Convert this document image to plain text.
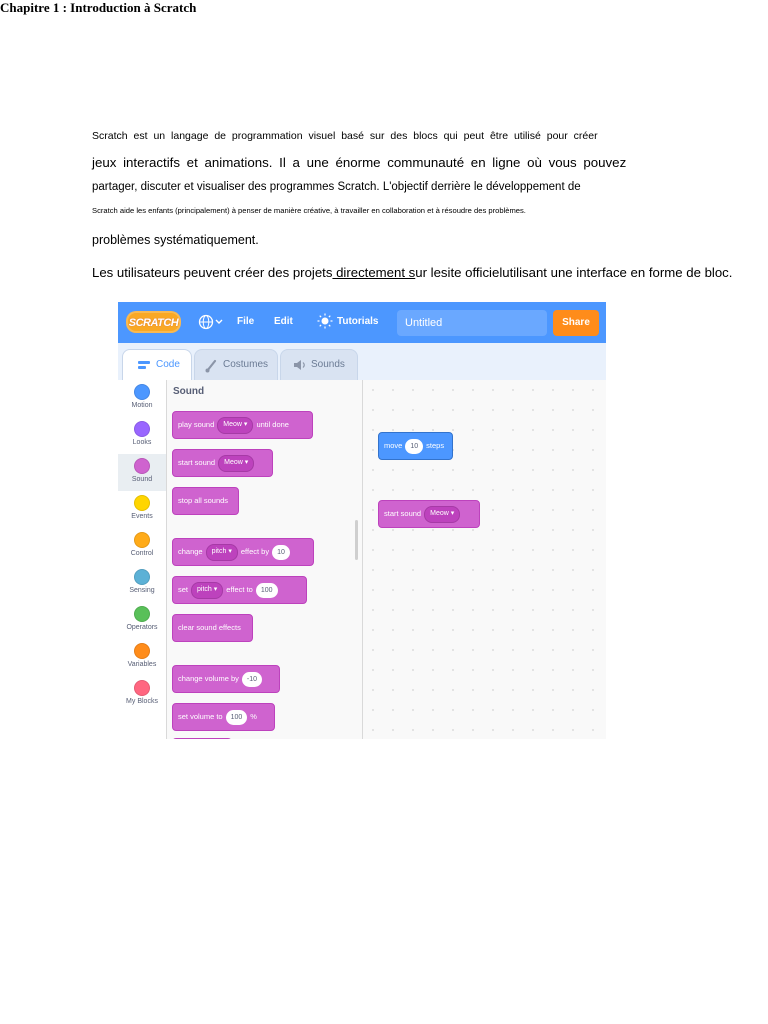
Chapitre 1 : Introduction à Scratch
Scratch est un langage de programmation visuel basé sur des blocs qui peut être utilisé pour créer
jeux interactifs et animations. Il a une énorme communauté en ligne où vous pouvez
partager, discuter et visualiser des programmes Scratch. L'objectif derrière le développement de
Scratch aide les enfants (principalement) à penser de manière créative, à travailler en collaboration et à résoudre des problèmes.
problèmes systématiquement.
Les utilisateurs peuvent créer des projets directement sur lesite officielutilisant une interface en forme de bloc.
SCRATCH	File Edit	Tutorials	Untitled	Share
Code	Costumes	Sounds
Motion
Looks
Sound
Events
Control
Sensing
Operators
Variables
My Blocks
Sound
play sound Meow ▾ until done
start sound Meow ▾
stop all sounds
change pitch ▾ effect by 10
set pitch ▾ effect to 100
clear sound effects
change volume by -10
set volume to 100 %
move 10 steps
start sound Meow ▾
